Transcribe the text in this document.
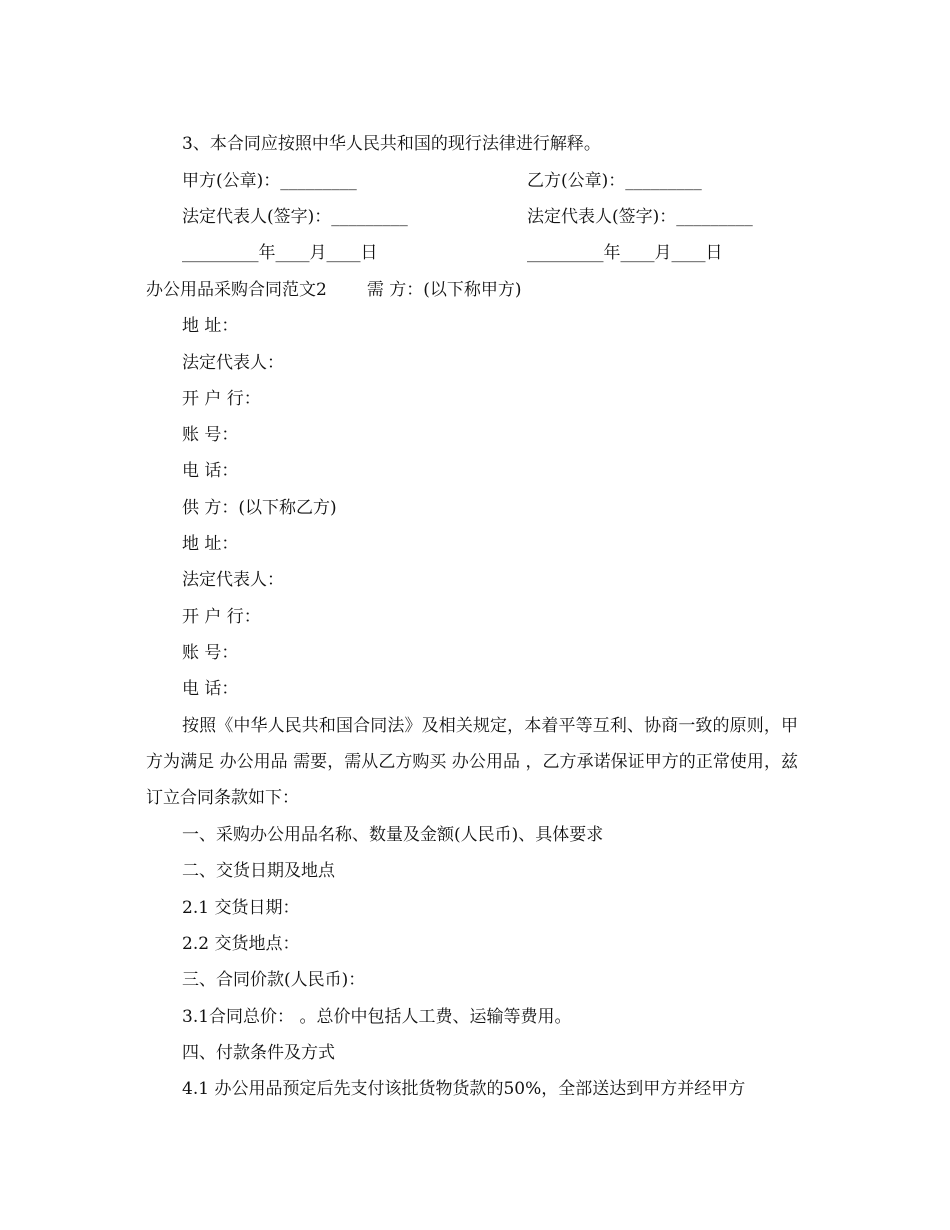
3、本合同应按照中华人民共和国的现行法律进行解释。
甲方(公章)：_________	乙方(公章)：_________
法定代表人(签字)：_________	法定代表人(签字)：_________
_________年____月____日	_________年____月____日
办公用品采购合同范文2 需 方：(以下称甲方)
地 址：
法定代表人：
开 户 行：
账 号：
电 话：
供 方：(以下称乙方)
地 址：
法定代表人：
开 户 行：
账 号：
电 话：
按照《中华人民共和国合同法》及相关规定，本着平等互利、协商一致的原则，甲方为满足 办公用品 需要，需从乙方购买 办公用品 ，乙方承诺保证甲方的正常使用，兹订立合同条款如下：
一、采购办公用品名称、数量及金额(人民币)、具体要求
二、交货日期及地点
2.1 交货日期：
2.2 交货地点：
三、合同价款(人民币)：
3.1合同总价： 。总价中包括人工费、运输等费用。
四、付款条件及方式
4.1 办公用品预定后先支付该批货物货款的50%，全部送达到甲方并经甲方
